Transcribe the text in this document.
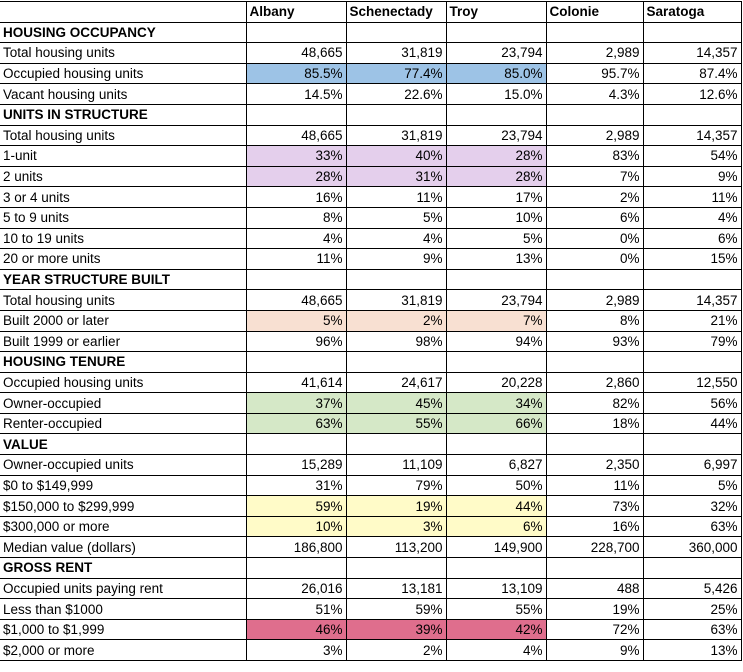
	Albany	Schenectady	Troy	Colonie	Saratoga
HOUSING OCCUPANCY					
Total housing units	48,665	31,819	23,794	2,989	14,357
Occupied housing units	85.5%	77.4%	85.0%	95.7%	87.4%
Vacant housing units	14.5%	22.6%	15.0%	4.3%	12.6%
UNITS IN STRUCTURE					
Total housing units	48,665	31,819	23,794	2,989	14,357
1-unit	33%	40%	28%	83%	54%
2 units	28%	31%	28%	7%	9%
3 or 4 units	16%	11%	17%	2%	11%
5 to 9 units	8%	5%	10%	6%	4%
10 to 19 units	4%	4%	5%	0%	6%
20 or more units	11%	9%	13%	0%	15%
YEAR STRUCTURE BUILT					
Total housing units	48,665	31,819	23,794	2,989	14,357
Built 2000 or later	5%	2%	7%	8%	21%
Built 1999 or earlier	96%	98%	94%	93%	79%
HOUSING TENURE					
Occupied housing units	41,614	24,617	20,228	2,860	12,550
Owner-occupied	37%	45%	34%	82%	56%
Renter-occupied	63%	55%	66%	18%	44%
VALUE					
Owner-occupied units	15,289	11,109	6,827	2,350	6,997
$0 to $149,999	31%	79%	50%	11%	5%
$150,000 to $299,999	59%	19%	44%	73%	32%
$300,000 or more	10%	3%	6%	16%	63%
Median value (dollars)	186,800	113,200	149,900	228,700	360,000
GROSS RENT					
Occupied units paying rent	26,016	13,181	13,109	488	5,426
Less than $1000	51%	59%	55%	19%	25%
$1,000 to $1,999	46%	39%	42%	72%	63%
$2,000 or more	3%	2%	4%	9%	13%
